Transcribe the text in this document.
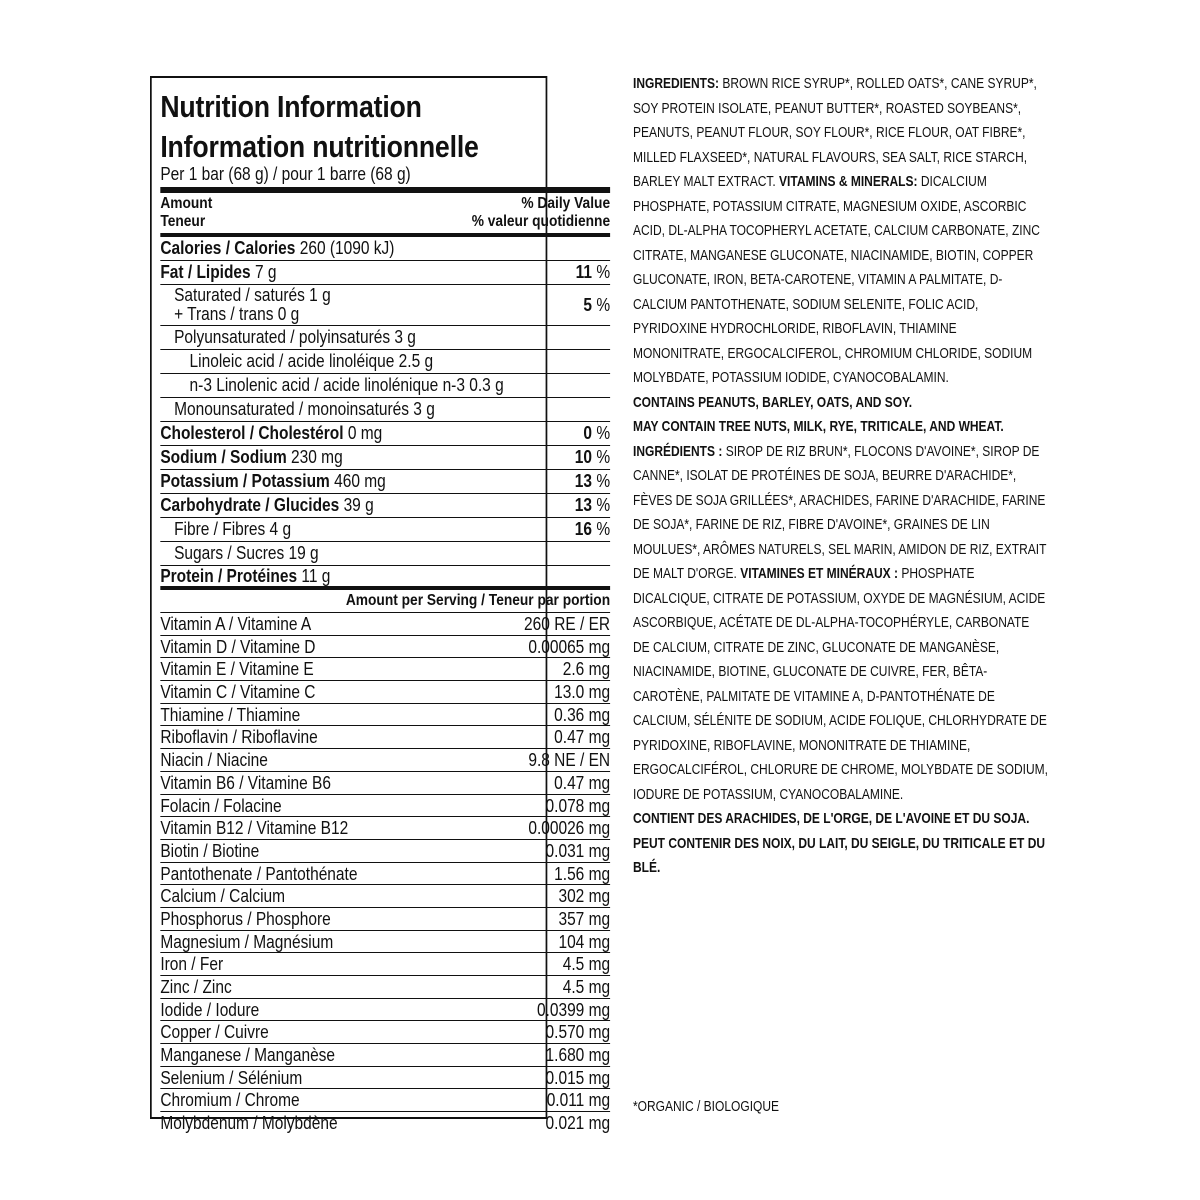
Nutrition Information
Information nutritionnelle
Per 1 bar (68 g) / pour 1 barre (68 g)
Amount
Teneur
% Daily Value
% valeur quotidienne
Calories / Calories 260 (1090 kJ)
Fat / Lipides 7 g	11 %
Saturated / saturés 1 g
+ Trans / trans 0 g	5 %
Polyunsaturated / polyinsaturés 3 g
Linoleic acid / acide linoléique 2.5 g
n-3 Linolenic acid / acide linolénique n-3 0.3 g
Monounsaturated / monoinsaturés 3 g
Cholesterol / Cholestérol 0 mg	0 %
Sodium / Sodium 230 mg	10 %
Potassium / Potassium 460 mg	13 %
Carbohydrate / Glucides 39 g	13 %
Fibre / Fibres 4 g	16 %
Sugars / Sucres 19 g
Protein / Protéines 11 g
Amount per Serving / Teneur par portion
Vitamin A / Vitamine A	260 RE / ER
Vitamin D / Vitamine D	0.00065 mg
Vitamin E / Vitamine E	2.6 mg
Vitamin C / Vitamine C	13.0 mg
Thiamine / Thiamine	0.36 mg
Riboflavin / Riboflavine	0.47 mg
Niacin / Niacine	9.8 NE / EN
Vitamin B6 / Vitamine B6	0.47 mg
Folacin / Folacine	0.078 mg
Vitamin B12 / Vitamine B12	0.00026 mg
Biotin / Biotine	0.031 mg
Pantothenate / Pantothénate	1.56 mg
Calcium / Calcium	302 mg
Phosphorus / Phosphore	357 mg
Magnesium / Magnésium	104 mg
Iron / Fer	4.5 mg
Zinc / Zinc	4.5 mg
Iodide / Iodure	0.0399 mg
Copper / Cuivre	0.570 mg
Manganese / Manganèse	1.680 mg
Selenium / Sélénium	0.015 mg
Chromium / Chrome	0.011 mg
Molybdenum / Molybdène	0.021 mg

INGREDIENTS: BROWN RICE SYRUP*, ROLLED OATS*, CANE SYRUP*, SOY PROTEIN ISOLATE, PEANUT BUTTER*, ROASTED SOYBEANS*, PEANUTS, PEANUT FLOUR, SOY FLOUR*, RICE FLOUR, OAT FIBRE*, MILLED FLAXSEED*, NATURAL FLAVOURS, SEA SALT, RICE STARCH, BARLEY MALT EXTRACT. VITAMINS & MINERALS: DICALCIUM PHOSPHATE, POTASSIUM CITRATE, MAGNESIUM OXIDE, ASCORBIC ACID, DL-ALPHA TOCOPHERYL ACETATE, CALCIUM CARBONATE, ZINC CITRATE, MANGANESE GLUCONATE, NIACINAMIDE, BIOTIN, COPPER GLUCONATE, IRON, BETA-CAROTENE, VITAMIN A PALMITATE, D-CALCIUM PANTOTHENATE, SODIUM SELENITE, FOLIC ACID, PYRIDOXINE HYDROCHLORIDE, RIBOFLAVIN, THIAMINE MONONITRATE, ERGOCALCIFEROL, CHROMIUM CHLORIDE, SODIUM MOLYBDATE, POTASSIUM IODIDE, CYANOCOBALAMIN.

CONTAINS PEANUTS, BARLEY, OATS, AND SOY.

MAY CONTAIN TREE NUTS, MILK, RYE, TRITICALE, AND WHEAT.

INGRÉDIENTS : SIROP DE RIZ BRUN*, FLOCONS D'AVOINE*, SIROP DE CANNE*, ISOLAT DE PROTÉINES DE SOJA, BEURRE D'ARACHIDE*, FÈVES DE SOJA GRILLÉES*, ARACHIDES, FARINE D'ARACHIDE, FARINE DE SOJA*, FARINE DE RIZ, FIBRE D'AVOINE*, GRAINES DE LIN MOULUES*, ARÔMES NATURELS, SEL MARIN, AMIDON DE RIZ, EXTRAIT DE MALT D'ORGE. VITAMINES ET MINÉRAUX : PHOSPHATE DICALCIQUE, CITRATE DE POTASSIUM, OXYDE DE MAGNÉSIUM, ACIDE ASCORBIQUE, ACÉTATE DE DL-ALPHA-TOCOPHÉRYLE, CARBONATE DE CALCIUM, CITRATE DE ZINC, GLUCONATE DE MANGANÈSE, NIACINAMIDE, BIOTINE, GLUCONATE DE CUIVRE, FER, BÊTA-CAROTÈNE, PALMITATE DE VITAMINE A, D-PANTOTHÉNATE DE CALCIUM, SÉLÉNITE DE SODIUM, ACIDE FOLIQUE, CHLORHYDRATE DE PYRIDOXINE, RIBOFLAVINE, MONONITRATE DE THIAMINE, ERGOCALCIFÉROL, CHLORURE DE CHROME, MOLYBDATE DE SODIUM, IODURE DE POTASSIUM, CYANOCOBALAMINE.

CONTIENT DES ARACHIDES, DE L'ORGE, DE L'AVOINE ET DU SOJA.

PEUT CONTENIR DES NOIX, DU LAIT, DU SEIGLE, DU TRITICALE ET DU BLÉ.

*ORGANIC / BIOLOGIQUE
